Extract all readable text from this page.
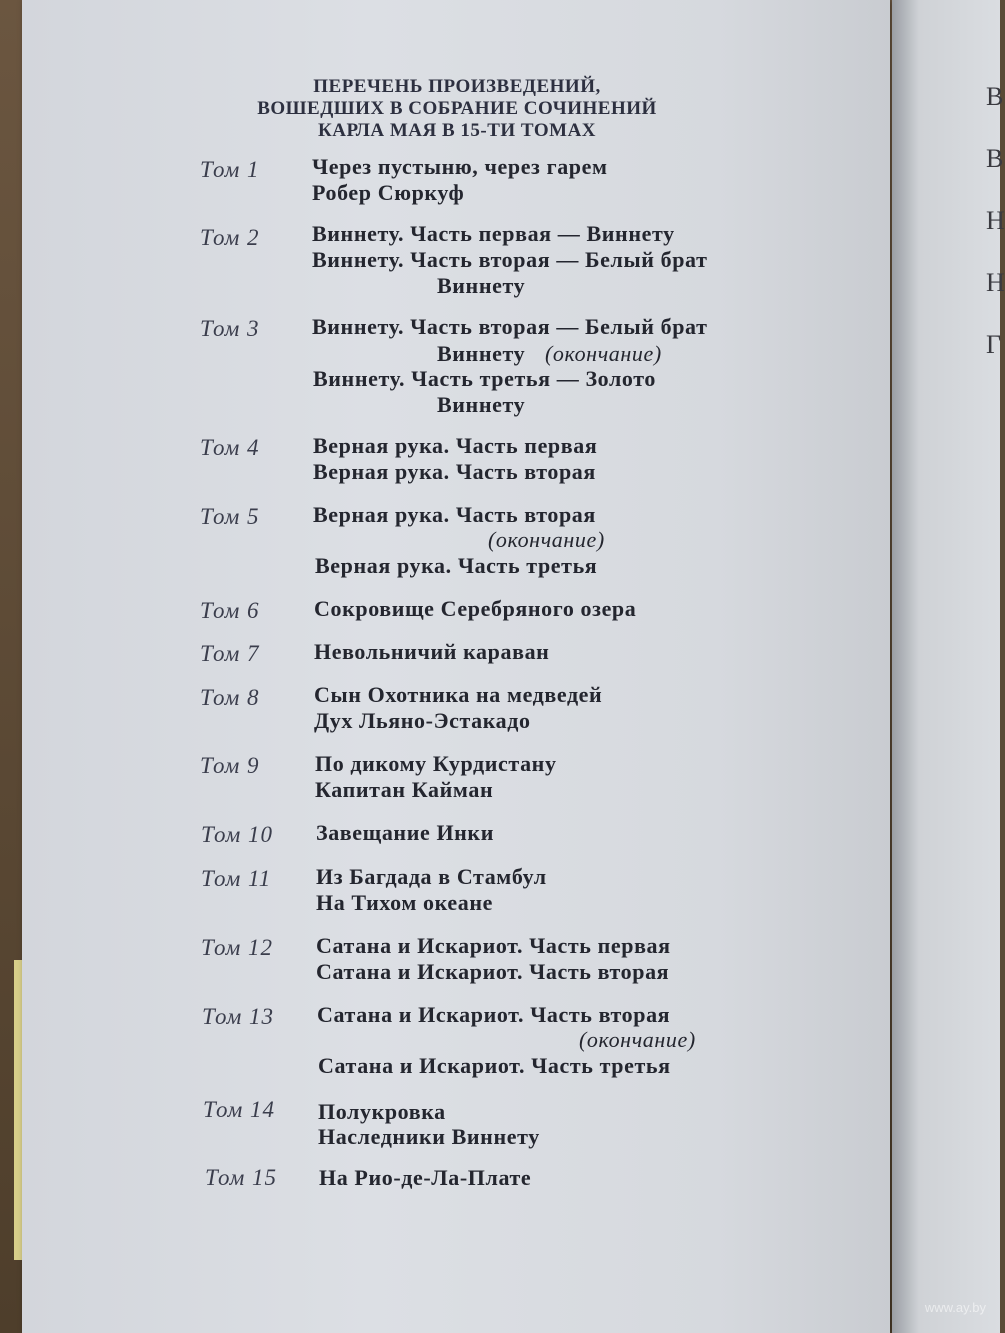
В
В
Н
Н
Г
ПЕРЕЧЕНЬ ПРОИЗВЕДЕНИЙ,
ВОШЕДШИХ В СОБРАНИЕ СОЧИНЕНИЙ
КАРЛА МАЯ В 15-ТИ ТОМАХ
Том 1 Через пустыню, через гарем
Робер Сюркуф
Том 2 Виннету. Часть первая — Виннету
Виннету. Часть вторая — Белый брат
Виннету
Том 3 Виннету. Часть вторая — Белый брат
Виннету (окончание)
Виннету. Часть третья — Золото
Виннету
Том 4 Верная рука. Часть первая
Верная рука. Часть вторая
Том 5 Верная рука. Часть вторая
(окончание)
Верная рука. Часть третья
Том 6 Сокровище Серебряного озера
Том 7 Невольничий караван
Том 8 Сын Охотника на медведей
Дух Льяно-Эстакадо
Том 9	По дикому Курдистану
Капитан Кайман
Том 10 Завещание Инки
Том 11 Из Багдада в Стамбул
На Тихом океане
Том 12 Сатана и Искариот. Часть первая
Сатана и Искариот. Часть вторая
Том 13 Сатана и Искариот. Часть вторая
(окончание)
Сатана и Искариот. Часть третья
Том 14 Полукровка
Наследники Виннету
Том 15 На Рио-де-Ла-Плате
www.ay.by
